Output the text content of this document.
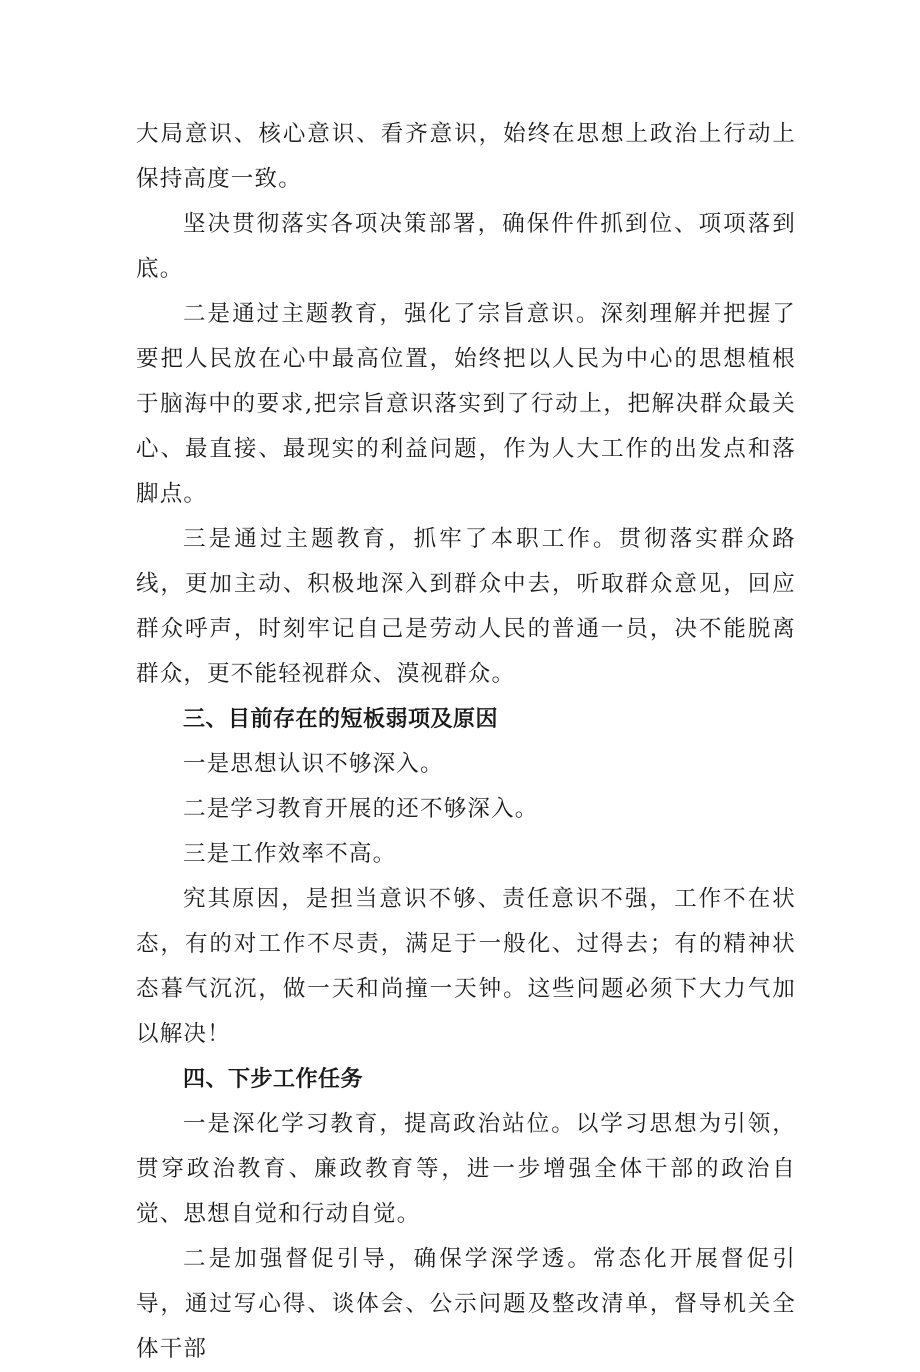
大局意识、核心意识、看齐意识，始终在思想上政治上行动上保持高度一致。

坚决贯彻落实各项决策部署，确保件件抓到位、项项落到底。

二是通过主题教育，强化了宗旨意识。深刻理解并把握了要把人民放在心中最高位置，始终把以人民为中心的思想植根于脑海中的要求,把宗旨意识落实到了行动上，把解决群众最关心、最直接、最现实的利益问题，作为人大工作的出发点和落脚点。

三是通过主题教育，抓牢了本职工作。贯彻落实群众路线，更加主动、积极地深入到群众中去，听取群众意见，回应群众呼声，时刻牢记自己是劳动人民的普通一员，决不能脱离群众，更不能轻视群众、漠视群众。

三、目前存在的短板弱项及原因

一是思想认识不够深入。

二是学习教育开展的还不够深入。

三是工作效率不高。

究其原因，是担当意识不够、责任意识不强，工作不在状态，有的对工作不尽责，满足于一般化、过得去；有的精神状态暮气沉沉，做一天和尚撞一天钟。这些问题必须下大力气加以解决！

四、下步工作任务

一是深化学习教育，提高政治站位。以学习思想为引领，贯穿政治教育、廉政教育等，进一步增强全体干部的政治自觉、思想自觉和行动自觉。

二是加强督促引导，确保学深学透。常态化开展督促引导，通过写心得、谈体会、公示问题及整改清单，督导机关全体干部
